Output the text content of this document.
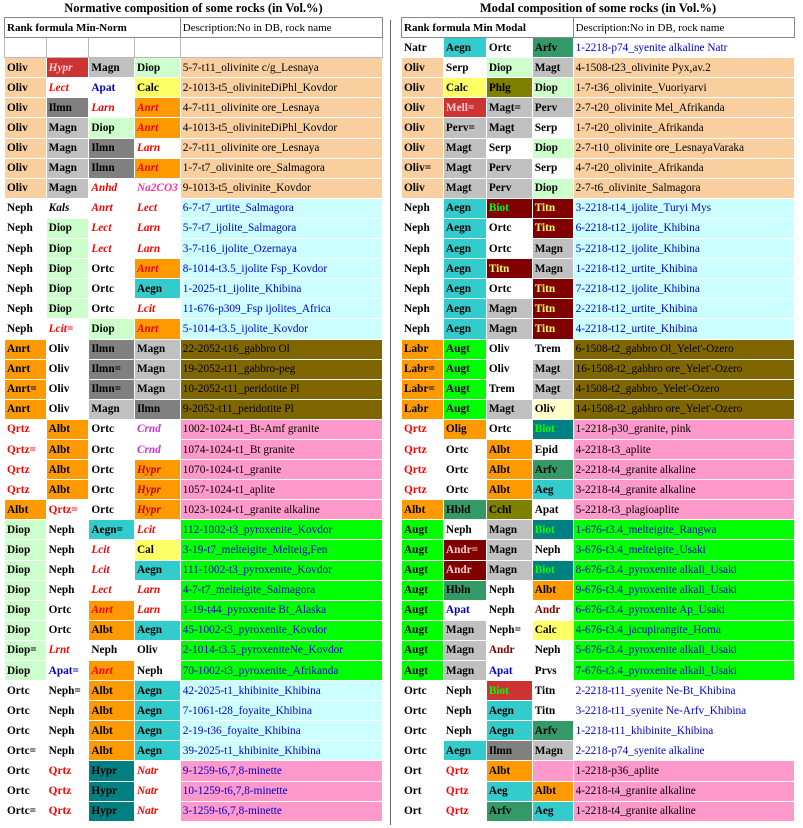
Normative composition of some rocks (in Vol.%)
Rank formula Min-Norm				Description:No in DB, rock name

Oliv	Hypr	Magn	Diop	5-7-t11_olivinite c/g_Lesnaya
Oliv	Lect	Apat	Calc	2-1013-t5_oliviniteDiPhl_Kovdor
Oliv	Ilmn	Larn	Anrt	4-7-t11_olivinite ore_Lesnaya
Oliv	Magn	Diop	Anrt	4-1013-t5_oliviniteDiPhl_Kovdor
Oliv	Magn	Ilmn	Larn	2-7-t11_olivinite ore_Lesnaya
Oliv	Magn	Ilmn	Anrt	1-7-t7_olivinite ore_Salmagora
Oliv	Magn	Anhd	Na2CO3	9-1013-t5_olivinite_Kovdor
Neph	Kals	Anrt	Lect	6-7-t7_urtite_Salmagora
Neph	Diop	Lect	Larn	5-7-t7_ijolite_Salmagora
Neph	Diop	Lect	Larn	3-7-t16_ijolite_Ozernaya
Neph	Diop	Ortc	Anrt	8-1014-t3.5_ijolite Fsp_Kovdor
Neph	Diop	Ortc	Aegn	1-2025-t1_ijolite_Khibina
Neph	Diop	Ortc	Lcit	11-676-p309_Fsp ijolites_Africa
Neph	Lcit=	Diop	Anrt	5-1014-t3.5_ijolite_Kovdor
Anrt	Oliv	Ilmn	Magn	22-2052-t16_gabbro Ol
Anrt	Oliv	Ilmn=	Magn	19-2052-t11_gabbro-peg
Anrt=	Oliv	Ilmn=	Magn	10-2052-t11_peridotite Pl
Anrt	Oliv	Magn	Ilmn	9-2052-t11_peridotite Pl
Qrtz	Albt	Ortc	Crnd	1002-1024-t1_Bt-Amf granite
Qrtz=	Albt	Ortc	Crnd	1074-1024-t1_Bt granite
Qrtz	Albt	Ortc	Hypr	1070-1024-t1_granite
Qrtz	Albt	Ortc	Hypr	1057-1024-t1_aplite
Albt	Qrtz=	Ortc	Hypr	1023-1024-t1_granite alkaline
Diop	Neph	Aegn=	Lcit	112-1002-t3_pyroxenite_Kovdor
Diop	Neph	Lcit	Cal	3-19-t7_melteigite_Melteig,Fen
Diop	Neph	Lcit	Aegn	111-1002-t3_pyroxenite_Kovdor
Diop	Neph	Lect	Larn	4-7-t7_melteigite_Salmagora
Diop	Ortc	Anrt	Larn	1-19-t44_pyroxenite Bt_Alaska
Diop	Ortc	Albt	Aegn	45-1002-t3_pyroxenite_Kovdor
Diop=	Lrnt	Neph	Oliv	2-1014-t3.5_pyroxeniteNe_Kovdor
Diop	Apat=	Anrt	Neph	70-1002-t3_pyroxenite_Afrikanda
Ortc	Neph=	Albt	Aegn	42-2025-t1_khibinite_Khibina
Ortc	Neph	Albt	Aegn	7-1061-t28_foyaite_Khibina
Ortc	Neph	Albt	Aegn	2-19-t36_foyaite_Khibina
Ortc=	Neph	Albt	Aegn	39-2025-t1_khibinite_Khibina
Ortc	Qrtz	Hypr	Natr	9-1259-t6,7,8-minette
Ortc	Qrtz	Hypr	Natr	10-1259-t6,7,8-minette
Ortc=	Qrtz	Hypr	Natr	3-1259-t6,7,8-minette
Modal composition of some rocks (in Vol.%)
Rank formula Min Modal				Description:No in DB, rock name
Natr	Aegn	Ortc	Arfv	1-2218-p74_syenite alkaline Natr
Oliv	Serp	Diop	Magt	4-1508-t23_olivinite Pyx,av.2
Oliv	Calc	Phlg	Diop	1-7-t36_olivinite_Vuoriyarvi
Oliv	Mell=	Magt=	Perv	2-7-t20_olivinite Mel_Afrikanda
Oliv	Perv=	Magt	Serp	1-7-t20_olivinite_Afrikanda
Oliv	Magt	Serp	Diop	2-7-t10_olivinite ore_LesnayaVaraka
Oliv=	Magt	Perv	Serp	4-7-t20_olivinite_Afrikanda
Oliv	Magt	Perv	Diop	2-7-t6_olivinite_Salmagora
Neph	Aegn	Biot	Titn	3-2218-t14_ijolite_Turyi Mys
Neph	Aegn	Ortc	Titn	6-2218-t12_ijolite_Khibina
Neph	Aegn	Ortc	Magn	5-2218-t12_ijolite_Khibina
Neph	Aegn	Titn	Magn	1-2218-t12_urtite_Khibina
Neph	Aegn	Ortc	Titn	7-2218-t12_ijolite_Khibina
Neph	Aegn	Magn	Titn	2-2218-t12_urtite_Khibina
Neph	Aegn	Magn	Titn	4-2218-t12_urtite_Khibina
Labr	Augt	Oliv	Trem	6-1508-t2_gabbro Ol_Yelet'-Ozero
Labr=	Augt	Oliv	Magt	16-1508-t2_gabbro ore_Yelet'-Ozero
Labr=	Augt	Trem	Magt	4-1508-t2_gabbro_Yelet'-Ozero
Labr	Augt	Magt	Oliv	14-1508-t2_gabbro ore_Yelet'-Ozero
Qrtz	Olig	Ortc	Biot	1-2218-p30_granite, pink
Qrtz	Ortc	Albt	Epid	4-2218-t3_aplite
Qrtz	Ortc	Albt	Arfv	2-2218-t4_granite alkaline
Qrtz	Ortc	Albt	Aeg	3-2218-t4_granite alkaline
Albt	Hbld	Cchl	Apat	5-2218-t3_plagioaplite
Augt	Neph	Magn	Biot	1-676-t3.4_melteigite_Rangwa
Augt	Andr=	Magn	Neph	3-676-t3.4_melteigite_Usaki
Augt	Andr	Magn	Biot	8-676-t3.4_pyroxenite alkali_Usaki
Augt	Hbln	Neph	Albt	9-676-t3.4_pyroxenite alkali_Usaki
Augt	Apat	Neph	Andr	6-676-t3.4_pyroxenite Ap_Usaki
Augt	Magn	Neph=	Calc	4-676-t3.4_jacupirangite_Homa
Augt	Magn	Andr	Neph	5-676-t3.4_pyroxenite alkali_Usaki
Augt	Magn	Apat	Prvs	7-676-t3.4_pyroxenite alkali_Usaki
Ortc	Neph	Biot	Titn	2-2218-t11_syenite Ne-Bt_Khibina
Ortc	Neph	Aegn	Titn	3-2218-t11_syenite Ne-Arfv_Khibina
Ortc	Neph	Aegn	Arfv	1-2218-t11_khibinite_Khibina
Ortc	Aegn	Ilmn	Magn	2-2218-p74_syenite alkaline
Ort	Qrtz	Albt		1-2218-p36_aplite
Ort	Qrtz	Aeg	Albt	4-2218-t4_granite alkaline
Ort	Qrtz	Arfv	Aeg	1-2218-t4_granite alkaline
